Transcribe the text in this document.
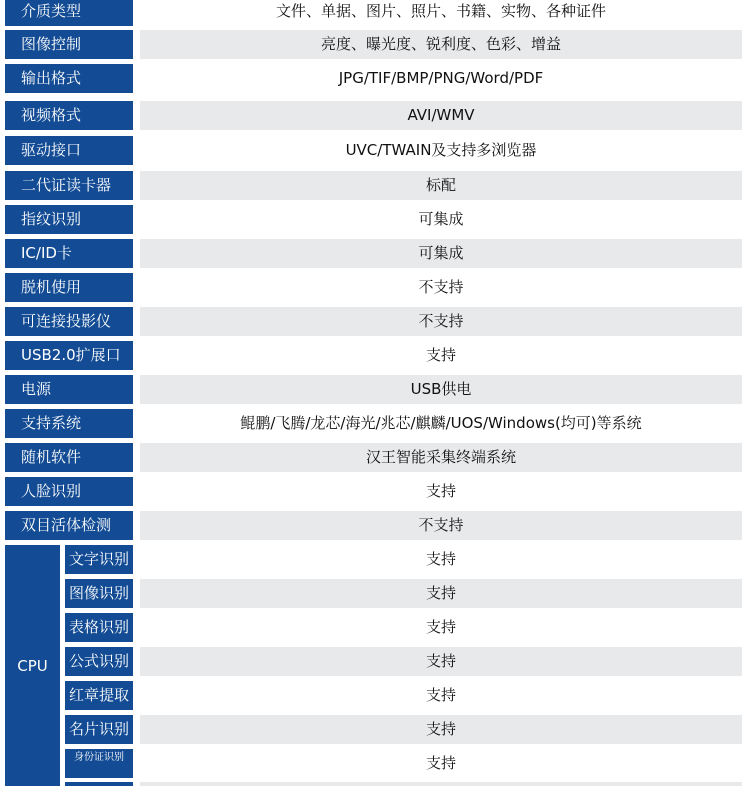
介质类型	文件、单据、图片、照片、书籍、实物、各种证件
图像控制	亮度、曝光度、锐利度、色彩、增益
输出格式	JPG/TIF/BMP/PNG/Word/PDF
视频格式	AVI/WMV
驱动接口	UVC/TWAIN及支持多浏览器
二代证读卡器	标配
指纹识别	可集成
IC/ID卡	可集成
脱机使用	不支持
可连接投影仪	不支持
USB2.0扩展口	支持
电源	USB供电
支持系统	鲲鹏/飞腾/龙芯/海光/兆芯/麒麟/UOS/Windows(均可)等系统
随机软件	汉王智能采集终端系统
人脸识别	支持
双目活体检测	不支持
CPU
文字识别	支持
图像识别	支持
表格识别	支持
公式识别	支持
红章提取	支持
名片识别	支持
身份证识别	支持
